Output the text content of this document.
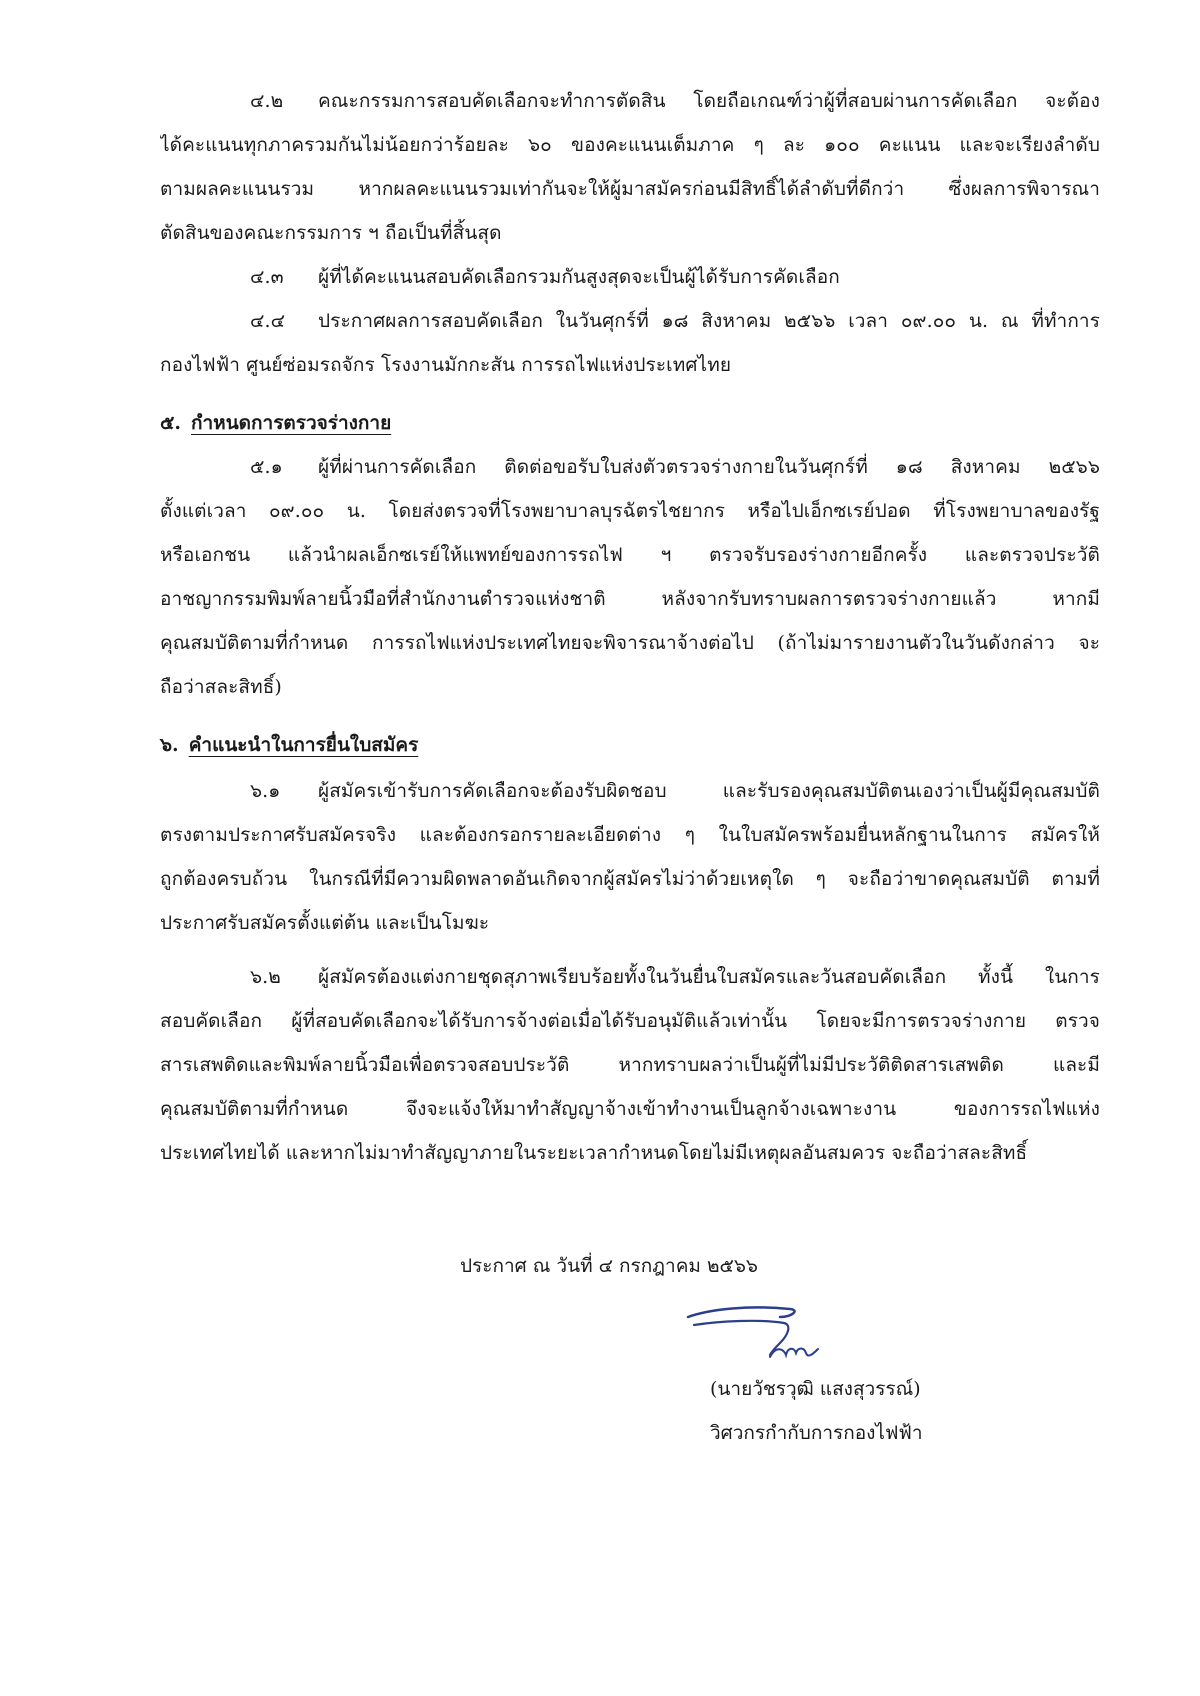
๔.๒ คณะกรรมการสอบคัดเลือกจะทำการตัดสิน โดยถือเกณฑ์ว่าผู้ที่สอบผ่านการคัดเลือก จะต้อง
ได้คะแนนทุกภาครวมกันไม่น้อยกว่าร้อยละ ๖๐ ของคะแนนเต็มภาค ๆ ละ ๑๐๐ คะแนน และจะเรียงลำดับ
ตามผลคะแนนรวม หากผลคะแนนรวมเท่ากันจะให้ผู้มาสมัครก่อนมีสิทธิ์ได้ลำดับที่ดีกว่า ซึ่งผลการพิจารณา
ตัดสินของคณะกรรมการ ฯ ถือเป็นที่สิ้นสุด
๔.๓ ผู้ที่ได้คะแนนสอบคัดเลือกรวมกันสูงสุดจะเป็นผู้ได้รับการคัดเลือก
๔.๔ ประกาศผลการสอบคัดเลือก ในวันศุกร์ที่ ๑๘ สิงหาคม ๒๕๖๖ เวลา ๐๙.๐๐ น. ณ ที่ทำการ
กองไฟฟ้า ศูนย์ซ่อมรถจักร โรงงานมักกะสัน การรถไฟแห่งประเทศไทย
๕. กำหนดการตรวจร่างกาย
๕.๑ ผู้ที่ผ่านการคัดเลือก ติดต่อขอรับใบส่งตัวตรวจร่างกายในวันศุกร์ที่ ๑๘ สิงหาคม ๒๕๖๖
ตั้งแต่เวลา ๐๙.๐๐ น. โดยส่งตรวจที่โรงพยาบาลบุรฉัตรไชยากร หรือไปเอ็กซเรย์ปอด ที่โรงพยาบาลของรัฐ
หรือเอกชน แล้วนำผลเอ็กซเรย์ให้แพทย์ของการรถไฟ ฯ ตรวจรับรองร่างกายอีกครั้ง และตรวจประวัติ
อาชญากรรมพิมพ์ลายนิ้วมือที่สำนักงานตำรวจแห่งชาติ หลังจากรับทราบผลการตรวจร่างกายแล้ว หากมี
คุณสมบัติตามที่กำหนด การรถไฟแห่งประเทศไทยจะพิจารณาจ้างต่อไป (ถ้าไม่มารายงานตัวในวันดังกล่าว จะ
ถือว่าสละสิทธิ์)
๖. คำแนะนำในการยื่นใบสมัคร
๖.๑ ผู้สมัครเข้ารับการคัดเลือกจะต้องรับผิดชอบ และรับรองคุณสมบัติตนเองว่าเป็นผู้มีคุณสมบัติ
ตรงตามประกาศรับสมัครจริง และต้องกรอกรายละเอียดต่าง ๆ ในใบสมัครพร้อมยื่นหลักฐานในการ สมัครให้
ถูกต้องครบถ้วน ในกรณีที่มีความผิดพลาดอันเกิดจากผู้สมัครไม่ว่าด้วยเหตุใด ๆ จะถือว่าขาดคุณสมบัติ ตามที่
ประกาศรับสมัครตั้งแต่ต้น และเป็นโมฆะ
๖.๒ ผู้สมัครต้องแต่งกายชุดสุภาพเรียบร้อยทั้งในวันยื่นใบสมัครและวันสอบคัดเลือก ทั้งนี้ ในการ
สอบคัดเลือก ผู้ที่สอบคัดเลือกจะได้รับการจ้างต่อเมื่อได้รับอนุมัติแล้วเท่านั้น โดยจะมีการตรวจร่างกาย ตรวจ
สารเสพติดและพิมพ์ลายนิ้วมือเพื่อตรวจสอบประวัติ หากทราบผลว่าเป็นผู้ที่ไม่มีประวัติติดสารเสพติด และมี
คุณสมบัติตามที่กำหนด จึงจะแจ้งให้มาทำสัญญาจ้างเข้าทำงานเป็นลูกจ้างเฉพาะงาน ของการรถไฟแห่ง
ประเทศไทยได้ และหากไม่มาทำสัญญาภายในระยะเวลากำหนดโดยไม่มีเหตุผลอันสมควร จะถือว่าสละสิทธิ์
ประกาศ ณ วันที่ ๔ กรกฎาคม ๒๕๖๖
(นายวัชรวุฒิ แสงสุวรรณ์)
วิศวกรกำกับการกองไฟฟ้า
